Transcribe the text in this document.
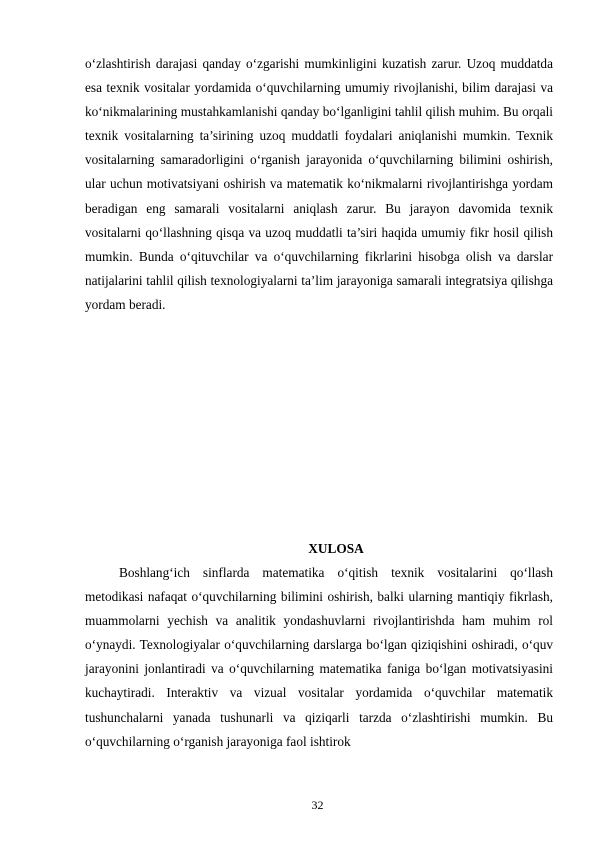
o‘zlashtirish darajasi qanday o‘zgarishi mumkinligini kuzatish zarur. Uzoq muddatda esa texnik vositalar yordamida o‘quvchilarning umumiy rivojlanishi, bilim darajasi va ko‘nikmalarining mustahkamlanishi qanday bo‘lganligini tahlil qilish muhim. Bu orqali texnik vositalarning ta’sirining uzoq muddatli foydalari aniqlanishi mumkin. Texnik vositalarning samaradorligini o‘rganish jarayonida o‘quvchilarning bilimini oshirish, ular uchun motivatsiyani oshirish va matematik ko‘nikmalarni rivojlantirishga yordam beradigan eng samarali vositalarni aniqlash zarur. Bu jarayon davomida texnik vositalarni qo‘llashning qisqa va uzoq muddatli ta’siri haqida umumiy fikr hosil qilish mumkin. Bunda o‘qituvchilar va o‘quvchilarning fikrlarini hisobga olish va darslar natijalarini tahlil qilish texnologiyalarni ta’lim jarayoniga samarali integratsiya qilishga yordam beradi.

XULOSA

Boshlang‘ich sinflarda matematika o‘qitish texnik vositalarini qo‘llash metodikasi nafaqat o‘quvchilarning bilimini oshirish, balki ularning mantiqiy fikrlash, muammolarni yechish va analitik yondashuvlarni rivojlantirishda ham muhim rol o‘ynaydi. Texnologiyalar o‘quvchilarning darslarga bo‘lgan qiziqishini oshiradi, o‘quv jarayonini jonlantiradi va o‘quvchilarning matematika faniga bo‘lgan motivatsiyasini kuchaytiradi. Interaktiv va vizual vositalar yordamida o‘quvchilar matematik tushunchalarni yanada tushunarli va qiziqarli tarzda o‘zlashtirishi mumkin. Bu o‘quvchilarning o‘rganish jarayoniga faol ishtirok

32
